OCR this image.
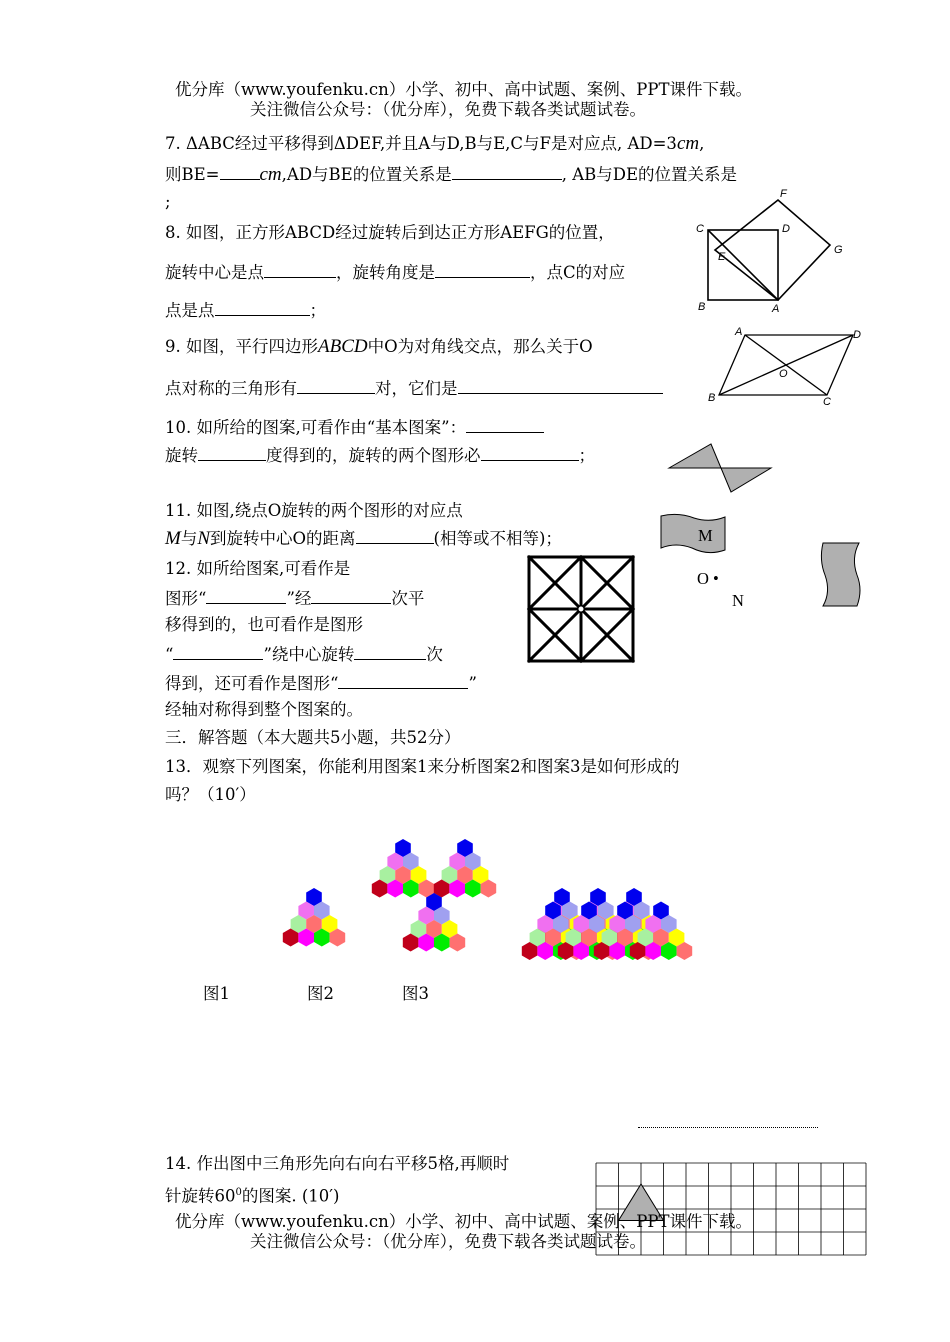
优分库（www.youfenku.cn）小学、初中、高中试题、案例、PPT课件下载。
关注微信公众号：（优分库），免费下载各类试题试卷。
7. ΔABC经过平移得到ΔDEF,并且A与D,B与E,C与F是对应点, AD=3cm,
则BE= cm,AD与BE的位置关系是	, AB与DE的位置关系是
;
8. 如图，正方形ABCD经过旋转后到达正方形AEFG的位置，
旋转中心是点	，旋转角度是	，点C的对应
点是点	；
C	D
E
F
G
B	A
9. 如图，平行四边形ABCD中O为对角线交点，那么关于O
点对称的三角形有	对，它们是
A	D
O
B	C
10. 如所给的图案,可看作由“基本图案”：
旋转	度得到的，旋转的两个图形必	；
11. 如图,绕点O旋转的两个图形的对应点
M与N到旋转中心O的距离	(相等或不相等)；	M
O •
N
12. 如所给图案,可看作是
图形“	”经	次平
移得到的，也可看作是图形
“	”绕中心旋转	次
得到，还可看作是图形“	”
经轴对称得到整个图案的。
三．解答题（本大题共5小题，共52分）
13．观察下列图案，你能利用图案1来分析图案2和图案3是如何形成的
吗？（10′）
图1	图2	图3
14. 作出图中三角形先向右向右平移5格,再顺时
针旋转$60^0$的图案. (10′)
优分库（www.youfenku.cn）小学、初中、高中试题、案例、PPT课件下载。
关注微信公众号：（优分库），免费下载各类试题试卷。
